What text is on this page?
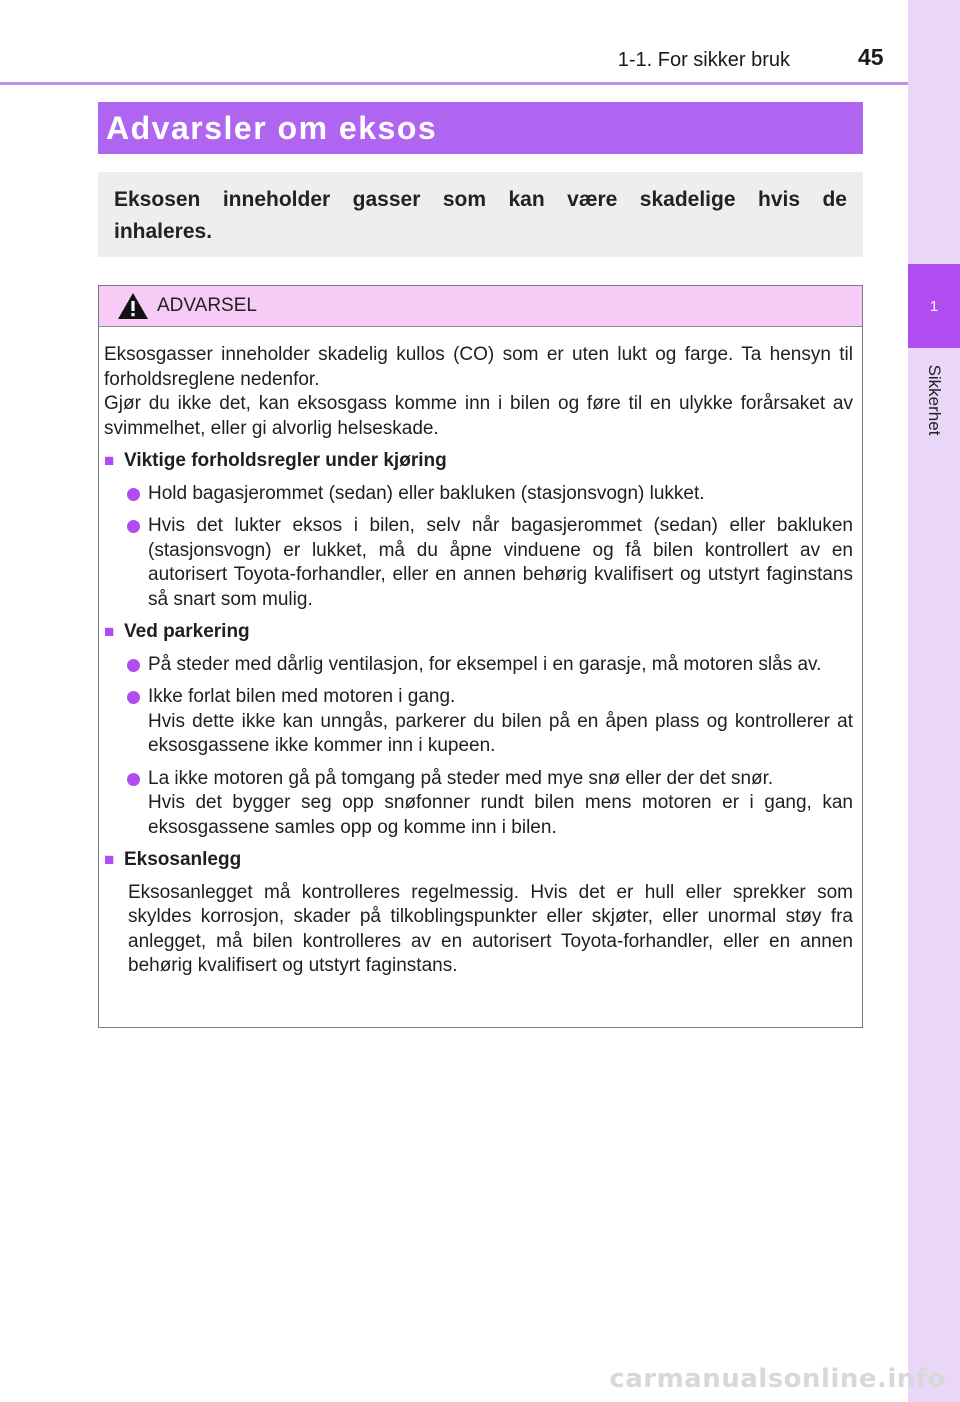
1
Sikkerhet
1-1. For sikker bruk	45
Advarsler om eksos

Eksosen inneholder gasser som kan være skadelige hvis de inhaleres.

ADVARSEL

Eksosgasser inneholder skadelig kullos (CO) som er uten lukt og farge. Ta hensyn til forholdsreglene nedenfor.
Gjør du ikke det, kan eksosgass komme inn i bilen og føre til en ulykke forårsaket av svimmelhet, eller gi alvorlig helseskade.

■ Viktige forholdsregler under kjøring
Hold bagasjerommet (sedan) eller bakluken (stasjonsvogn) lukket.
Hvis det lukter eksos i bilen, selv når bagasjerommet (sedan) eller bakluken (stasjonsvogn) er lukket, må du åpne vinduene og få bilen kontrollert av en autorisert Toyota-forhandler, eller en annen behørig kvalifisert og utstyrt faginstans så snart som mulig.
■ Ved parkering
På steder med dårlig ventilasjon, for eksempel i en garasje, må motoren slås av.
Ikke forlat bilen med motoren i gang.
Hvis dette ikke kan unngås, parkerer du bilen på en åpen plass og kontrollerer at eksosgassene ikke kommer inn i kupeen.
La ikke motoren gå på tomgang på steder med mye snø eller der det snør.
Hvis det bygger seg opp snøfonner rundt bilen mens motoren er i gang, kan eksosgassene samles opp og komme inn i bilen.
■ Eksosanlegg

Eksosanlegget må kontrolleres regelmessig. Hvis det er hull eller sprekker som skyldes korrosjon, skader på tilkoblingspunkter eller skjøter, eller unormal støy fra anlegget, må bilen kontrolleres av en autorisert Toyota-forhandler, eller en annen behørig kvalifisert og utstyrt faginstans.

carmanualsonline.info
